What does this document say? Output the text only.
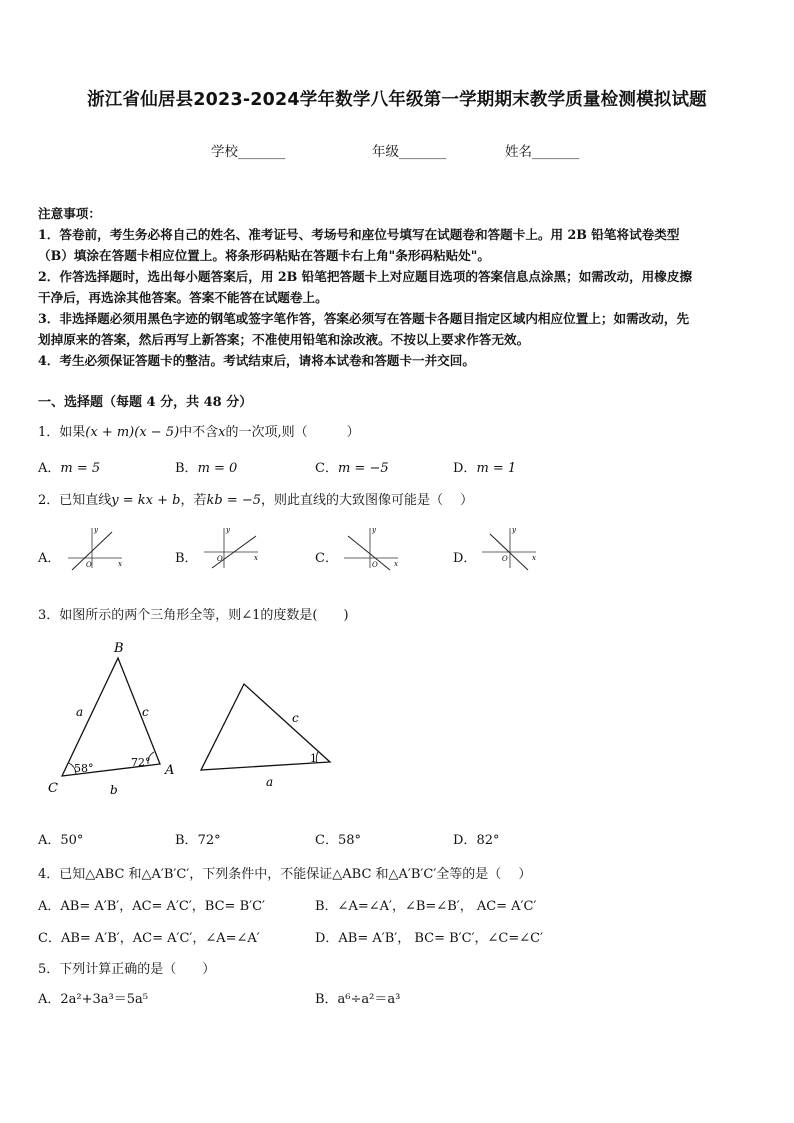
浙江省仙居县2023-2024学年数学八年级第一学期期末教学质量检测模拟试题
学校_______	年级_______	姓名_______
注意事项：
1．答卷前，考生务必将自己的姓名、准考证号、考场号和座位号填写在试题卷和答题卡上。用 2B 铅笔将试卷类型
（B）填涂在答题卡相应位置上。将条形码粘贴在答题卡右上角"条形码粘贴处"。
2．作答选择题时，选出每小题答案后，用 2B 铅笔把答题卡上对应题目选项的答案信息点涂黑；如需改动，用橡皮擦
干净后，再选涂其他答案。答案不能答在试题卷上。
3．非选择题必须用黑色字迹的钢笔或签字笔作答，答案必须写在答题卡各题目指定区域内相应位置上；如需改动，先
划掉原来的答案，然后再写上新答案；不准使用铅笔和涂改液。不按以上要求作答无效。
4．考生必须保证答题卡的整洁。考试结束后，请将本试卷和答题卡一并交回。
一、选择题（每题 4 分，共 48 分）
1．如果(x + m)(x − 5)中不含x的一次项,则（　　　）
A．m = 5	B．m = 0	C．m = −5	D．m = 1
2．已知直线y = kx + b，若kb = −5，则此直线的大致图像可能是（　 ）
A．	B．	C．	D．
y
x
O
y
x
O
y
x
O
y
x
O
3．如图所示的两个三角形全等，则∠1的度数是(　　)
B
C
A
a	c
b
58°	72°
c
a
1
A．50°	B．72°	C．58°	D．82°
4．已知△ABC 和△A′B′C′，下列条件中，不能保证△ABC 和△A′B′C′全等的是（　 ）
A．AB= A′B′，AC= A′C′，BC= B′C′	B．∠A=∠A′，∠B=∠B′， AC= A′C′
C．AB= A′B′，AC= A′C′，∠A=∠A′	D．AB= A′B′， BC= B′C′，∠C=∠C′
5．下列计算正确的是（　　）
A．2a²+3a³＝5a⁵	B．a⁶÷a²＝a³
